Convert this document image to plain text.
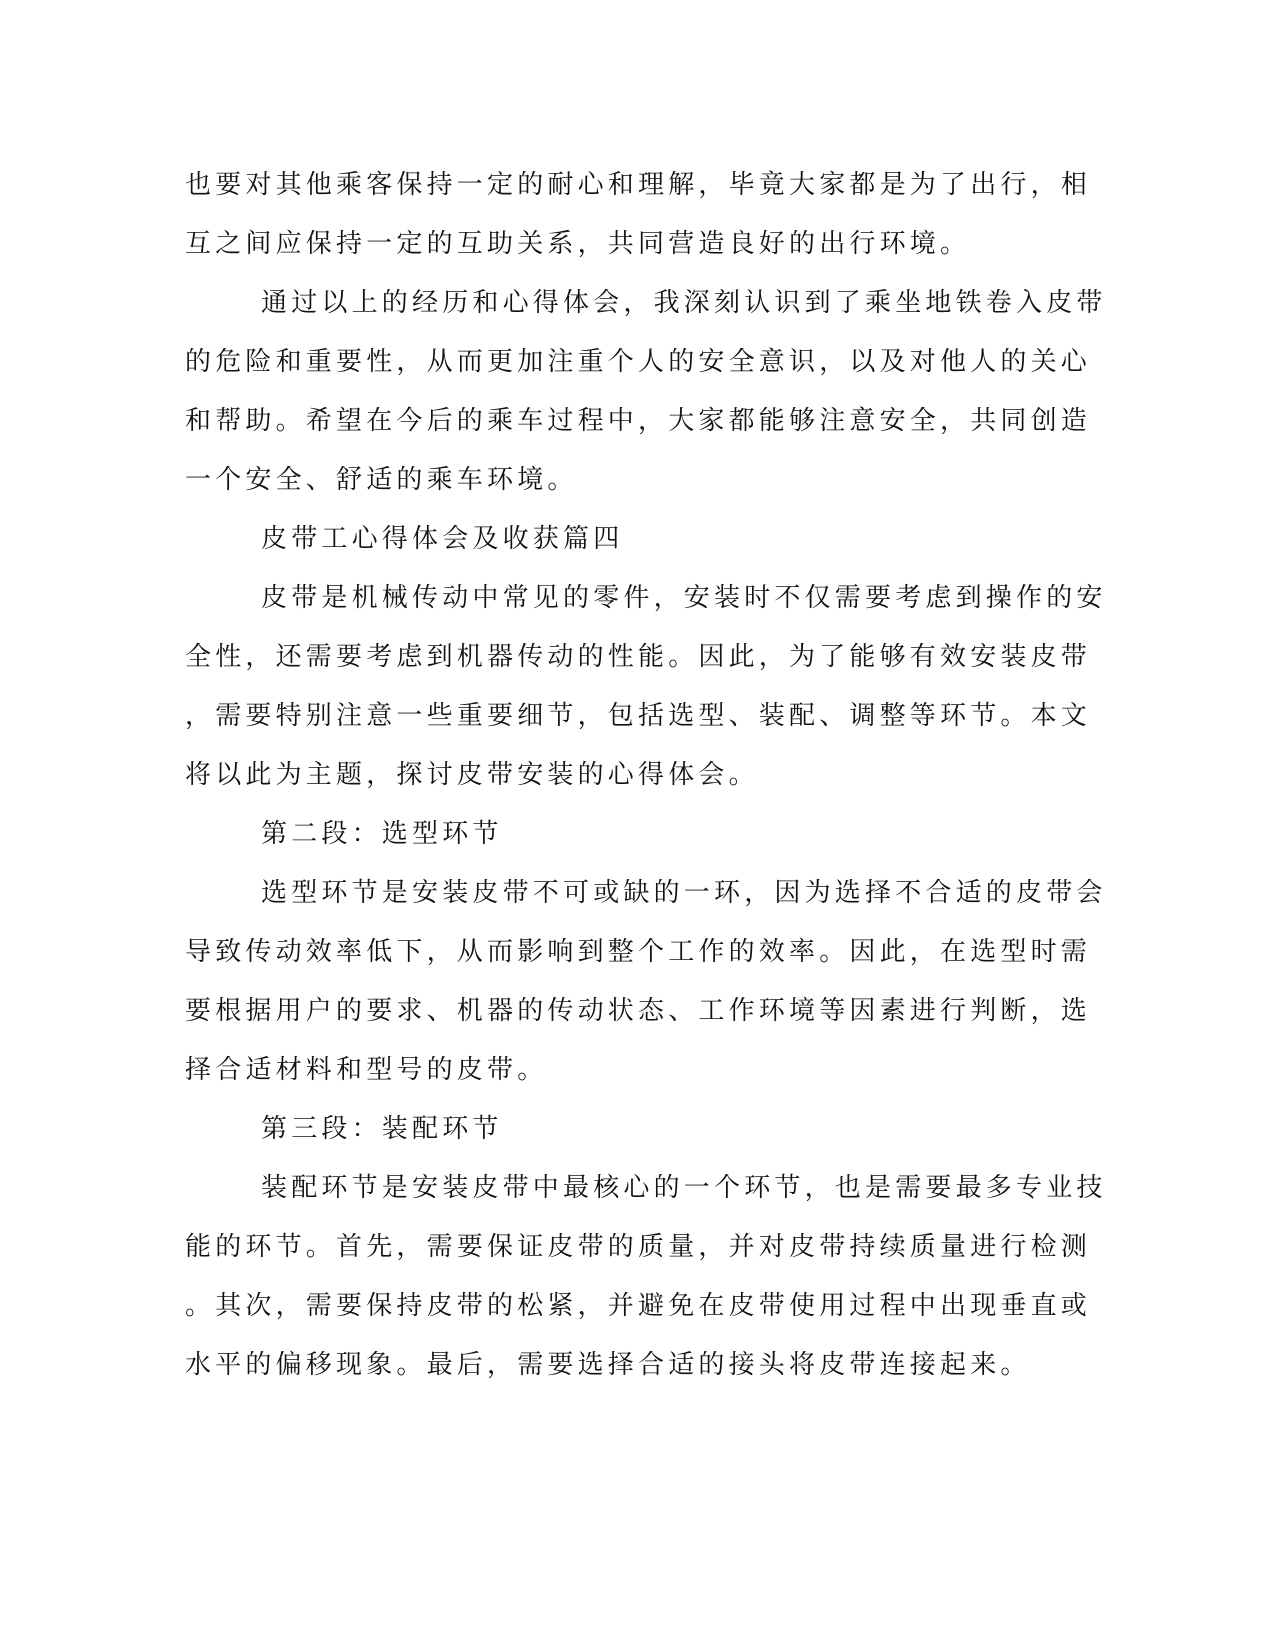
也要对其他乘客保持一定的耐心和理解，毕竟大家都是为了出行，相
互之间应保持一定的互助关系，共同营造良好的出行环境。
通过以上的经历和心得体会，我深刻认识到了乘坐地铁卷入皮带
的危险和重要性，从而更加注重个人的安全意识，以及对他人的关心
和帮助。希望在今后的乘车过程中，大家都能够注意安全，共同创造
一个安全、舒适的乘车环境。
皮带工心得体会及收获篇四
皮带是机械传动中常见的零件，安装时不仅需要考虑到操作的安
全性，还需要考虑到机器传动的性能。因此，为了能够有效安装皮带
，需要特别注意一些重要细节，包括选型、装配、调整等环节。本文
将以此为主题，探讨皮带安装的心得体会。
第二段：选型环节
选型环节是安装皮带不可或缺的一环，因为选择不合适的皮带会
导致传动效率低下，从而影响到整个工作的效率。因此，在选型时需
要根据用户的要求、机器的传动状态、工作环境等因素进行判断，选
择合适材料和型号的皮带。
第三段：装配环节
装配环节是安装皮带中最核心的一个环节，也是需要最多专业技
能的环节。首先，需要保证皮带的质量，并对皮带持续质量进行检测
。其次，需要保持皮带的松紧，并避免在皮带使用过程中出现垂直或
水平的偏移现象。最后，需要选择合适的接头将皮带连接起来。
